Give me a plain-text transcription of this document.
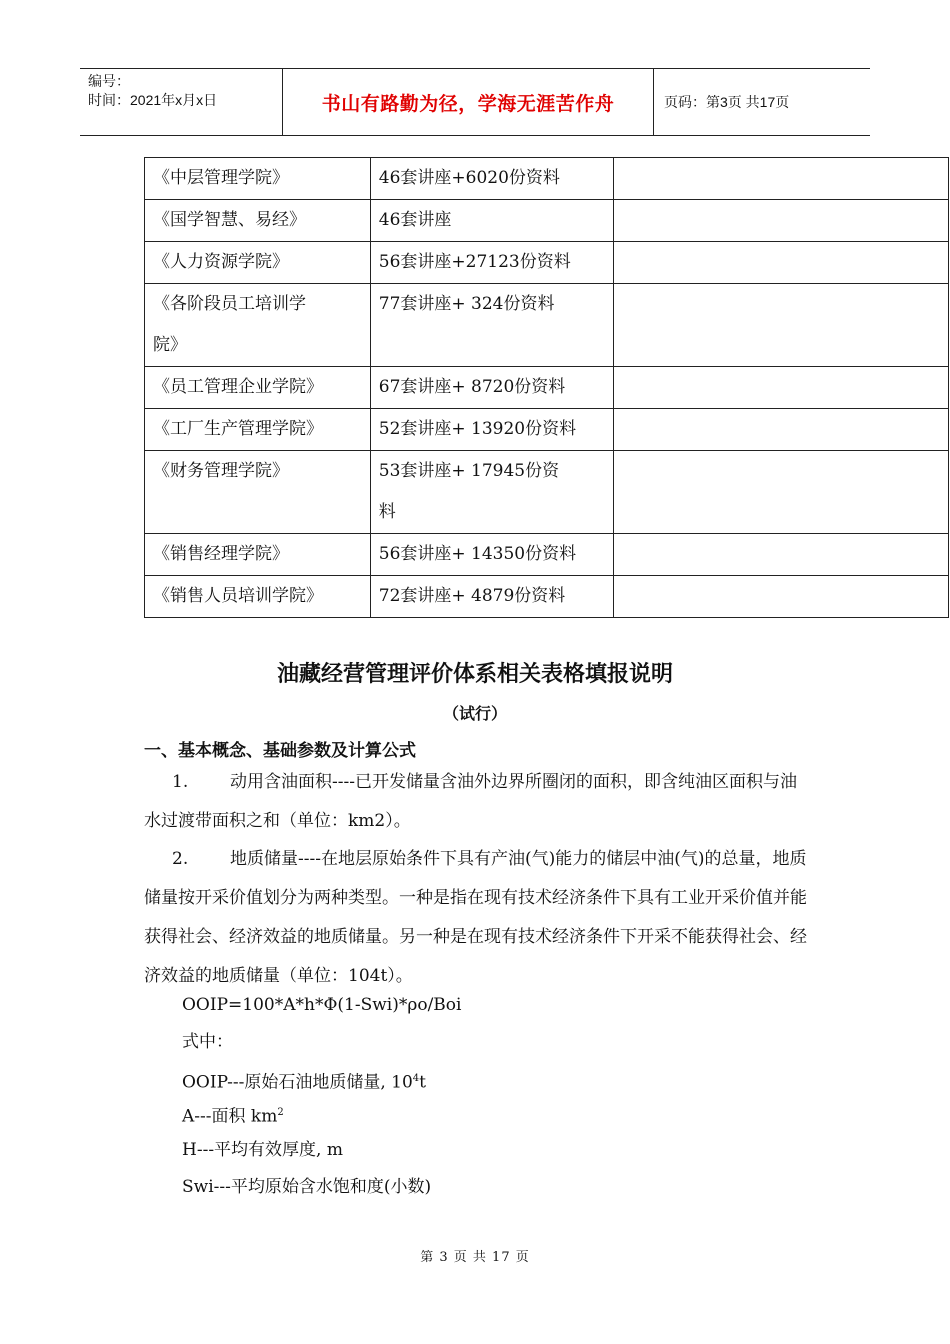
编号：
时间：2021年x月x日	书山有路勤为径，学海无涯苦作舟	页码：第3页 共17页
《中层管理学院》	46套讲座+6020份资料	
《国学智慧、易经》	46套讲座	
《人力资源学院》	56套讲座+27123份资料	
《各阶段员工培训学院》	77套讲座+ 324份资料	
《员工管理企业学院》	67套讲座+ 8720份资料	
《工厂生产管理学院》	52套讲座+ 13920份资料	
《财务管理学院》	53套讲座+ 17945份资料	
《销售经理学院》	56套讲座+ 14350份资料	
《销售人员培训学院》	72套讲座+ 4879份资料	
油藏经营管理评价体系相关表格填报说明
（试行）
一、基本概念、基础参数及计算公式
1. 动用含油面积----已开发储量含油外边界所圈闭的面积，即含纯油区面积与油水过渡带面积之和（单位：km2）。
2. 地质储量----在地层原始条件下具有产油(气)能力的储层中油(气)的总量，地质储量按开采价值划分为两种类型。一种是指在现有技术经济条件下具有工业开采价值并能获得社会、经济效益的地质储量。另一种是在现有技术经济条件下开采不能获得社会、经济效益的地质储量（单位：104t）。
OOIP=100*A*h*Φ(1-Swi)*ρo/Boi
式中：
OOIP---原始石油地质储量, $10^4t$
A---面积 $km^2$
H---平均有效厚度, m
Swi---平均原始含水饱和度(小数)
第 3 页 共 17 页
